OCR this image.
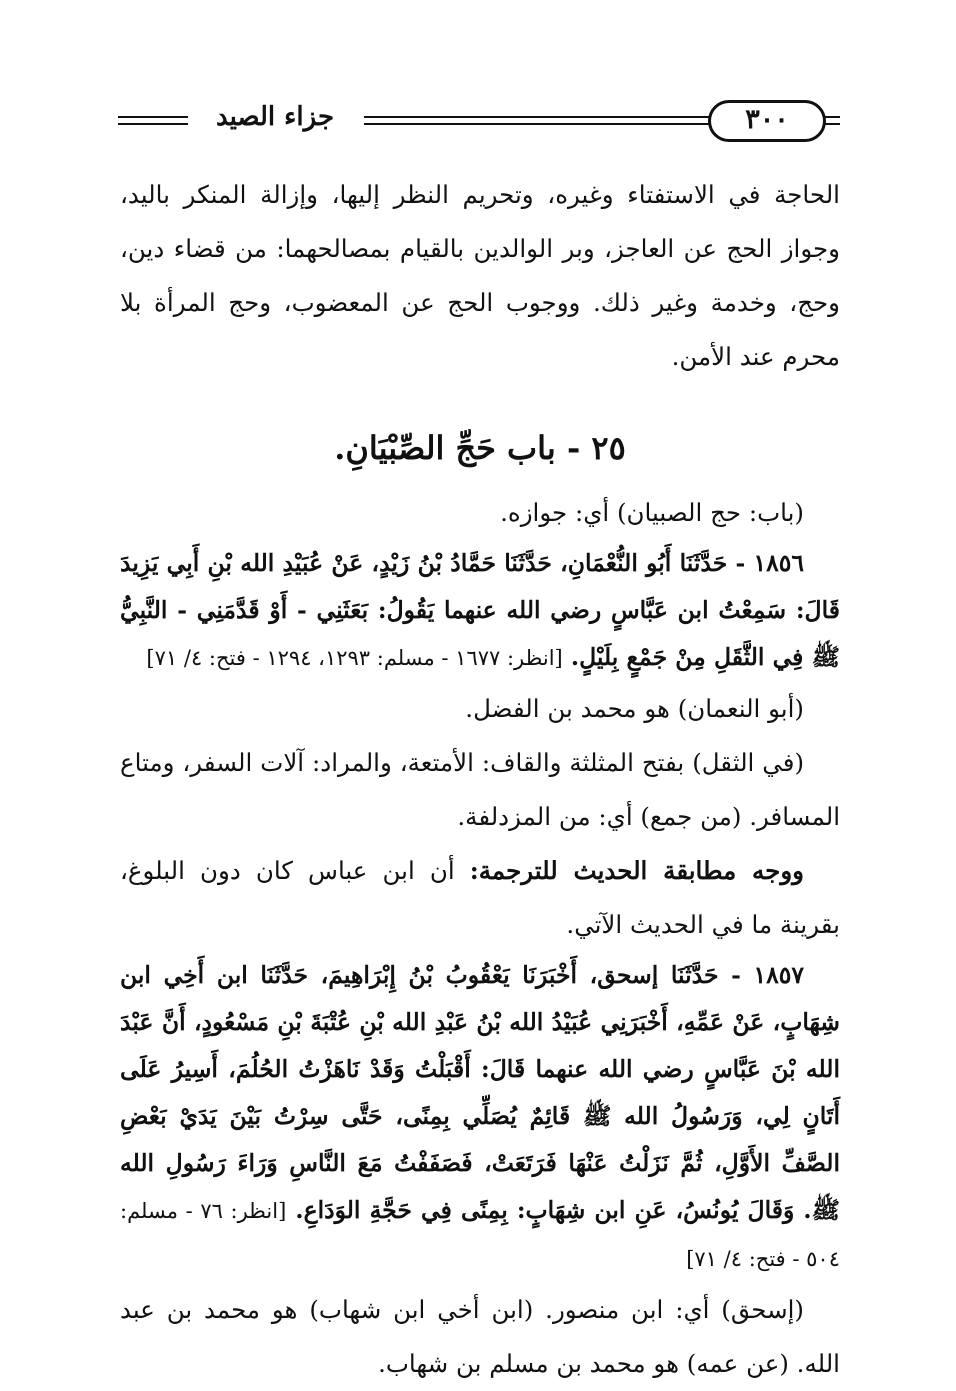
جزاء الصيد	٣٠٠

الحاجة في الاستفتاء وغيره، وتحريم النظر إليها، وإزالة المنكر باليد، وجواز الحج عن العاجز، وبر الوالدين بالقيام بمصالحهما: من قضاء دين، وحج، وخدمة وغير ذلك. ووجوب الحج عن المعضوب، وحج المرأة بلا محرم عند الأمن.

٢٥ - باب حَجِّ الصِّبْيَانِ.

(باب: حج الصبيان) أي: جوازه.

١٨٥٦ - حَدَّثَنَا أَبُو النُّعْمَانِ، حَدَّثَنَا حَمَّادُ بْنُ زَيْدٍ، عَنْ عُبَيْدِ الله بْنِ أَبِي يَزِيدَ قَالَ: سَمِعْتُ ابن عَبَّاسٍ رضي الله عنهما يَقُولُ: بَعَثَنِي - أَوْ قَدَّمَنِي - النَّبِيُّ ﷺ فِي الثَّقَلِ مِنْ جَمْعٍ بِلَيْلٍ. [انظر: ١٦٧٧ - مسلم: ١٢٩٣، ١٢٩٤ - فتح: ٤/ ٧١]

(أبو النعمان) هو محمد بن الفضل.

(في الثقل) بفتح المثلثة والقاف: الأمتعة، والمراد: آلات السفر، ومتاع المسافر. (من جمع) أي: من المزدلفة.

ووجه مطابقة الحديث للترجمة: أن ابن عباس كان دون البلوغ، بقرينة ما في الحديث الآتي.

١٨٥٧ - حَدَّثَنَا إسحق، أَخْبَرَنَا يَعْقُوبُ بْنُ إِبْرَاهِيمَ، حَدَّثَنَا ابن أَخِي ابن شِهَابٍ، عَنْ عَمِّهِ، أَخْبَرَنِي عُبَيْدُ الله بْنُ عَبْدِ الله بْنِ عُتْبَةَ بْنِ مَسْعُودٍ، أَنَّ عَبْدَ الله بْنَ عَبَّاسٍ رضي الله عنهما قَالَ: أَقْبَلْتُ وَقَدْ نَاهَزْتُ الحُلُمَ، أَسِيرُ عَلَى أَتَانٍ لِي، وَرَسُولُ الله ﷺ قَائِمٌ يُصَلِّي بِمِنًى، حَتَّى سِرْتُ بَيْنَ يَدَيْ بَعْضِ الصَّفِّ الأَوَّلِ، ثُمَّ نَزَلْتُ عَنْهَا فَرَتَعَتْ، فَصَفَفْتُ مَعَ النَّاسِ وَرَاءَ رَسُولِ الله ﷺ. وَقَالَ يُونُسُ، عَنِ ابن شِهَابٍ: بِمِنًى فِي حَجَّةِ الوَدَاعِ. [انظر: ٧٦ - مسلم: ٥٠٤ - فتح: ٤/ ٧١]

(إسحق) أي: ابن منصور. (ابن أخي ابن شهاب) هو محمد بن عبد الله. (عن عمه) هو محمد بن مسلم بن شهاب.
